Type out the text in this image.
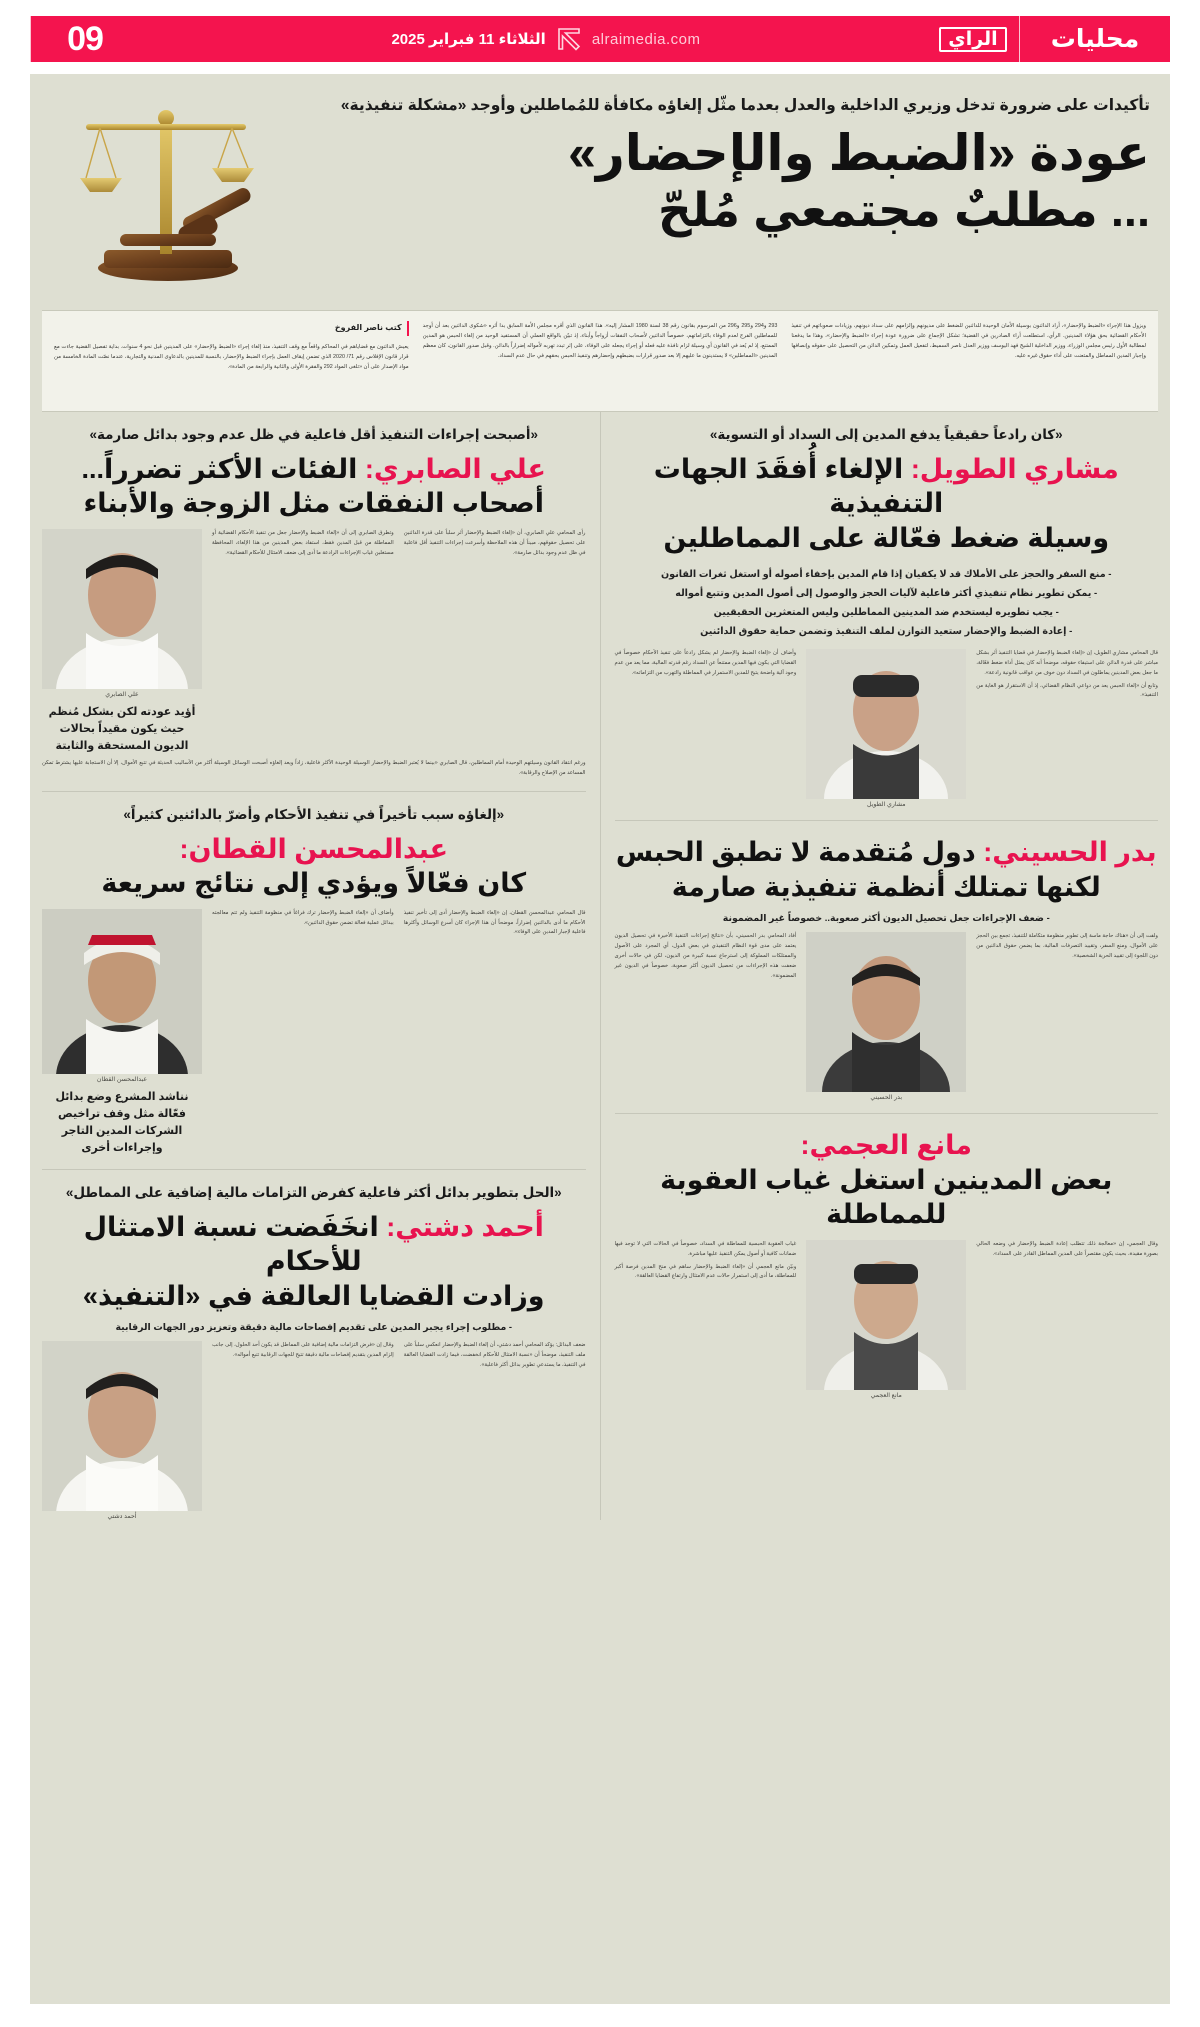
محليات
الراي
alraimedia.com
الثلاثاء 11 فبراير 2025
09
تأكيدات على ضرورة تدخل وزيري الداخلية والعدل بعدما مثّل إلغاؤه مكافأة للمُماطلين وأوجد «مشكلة تنفيذية»
عودة «الضبط والإحضار»
... مطلبٌ مجتمعي مُلحّ
ويزول هذا الإجراء «الضبط والإحضار»، أراد الدائنون بوسيلة الأمان الوحيدة للدائنين للضغط على مديونهم وإلزامهم على سداد ديونهم، وزيادات صعوباتهم في تنفيذ الأحكام القضائية بحق هؤلاء المدينين. الرأي، استطلعت أراء الصادرين في القضية؛ تشكل الإجماع على ضرورة عودة إجراء «الضبط والإحضار»، وهذا ما يدفعنا لمطالبة الأول رئيس مجلس الوزراء، ووزير الداخلية الشيخ فهد اليوسف ووزير العدل ناصر السميط، لتفعيل العمل وتمكين الدائن من التحصيل على حقوقه وإنصافها وإجبار المدين المماطل والمتعنت على أداء حقوق غيره عليه.
293 و294 و295 و296 من المرسوم بقانون رقم 38 لسنة 1980 المشار إليه». هذا القانون الذي أقره مجلس الأمة السابق بدا أثره «شكوى الدائنين بعد أن أوجد للمماطلين الفرج لعدم الوفاء بالتزاماتهم، خصوصاً الدائنين لأصحاب النفقات أزواجاً وأبناء، إذ تبيّن بالواقع العملي أن المستفيد الوحيد من إلغاء الحبس هو المدين الممتنع، إذ لم يُعد في القانون أي وسيلة لزام نافذة عليه فعله أو إجراء يجعله على الوفاء، على إثر تبدد تهربه لأمواله إضراراً بالدائن. وقبل صدور القانون، كان معظم المدينين «المماطلين» لا يستدينون ما عليهم إلا بعد صدور قرارات بضبطهم وإحضارهم وتنفيذ الحبس بحقهم في حال عدم السداد.
كتب ناصر الفروخ
يعيش الدائنون مع قضاياهم في المحاكم واقعاً مع وقف التنفيذ، منذ إلغاء إجراء «الضبط والإحضار» على المدينين قبل نحو 4 سنوات. بداية تفصيل القضية جاءت مع قرار قانون الإفلاس رقم 71/ 2020 الذي تضمن إيقاف العمل بإجراء الضبط والإحضار، بالنسبة للمدينين بالدعاوى المدنية والتجارية، عندما نصّت المادة الخامسة من مواد الإصدار على أن «تلغى المواد 292 والفقرة الأولى والثانية والرابعة من المادة».
«كان رادعاً حقيقياً يدفع المدين إلى السداد أو التسوية»
مشاري الطويل: الإلغاء أُفقَدَ الجهات التنفيذية
وسيلة ضغط فعّالة على المماطلين
- منع السفر والحجز على الأملاك قد لا يكفيان إذا قام المدين بإخفاء أصوله أو استغل ثغرات القانون
- يمكن تطوير نظام تنفيذي أكثر فاعلية لآليات الحجز والوصول إلى أصول المدين وتتبع أمواله
- يجب تطويره ليستخدم ضد المدينين المماطلين وليس المتعثرين الحقيقيين
- إعادة الضبط والإحضار ستعيد التوازن لملف التنفيذ وتضمن حماية حقوق الدائنين

قال المحامي مشاري الطويل، إن «إلغاء الضبط والإحضار في قضايا التنفيذ أثر بشكل مباشر على قدرة الدائن على استيفاء حقوقه، موضحاً أنه كان يمثل أداة ضغط فعّالة، ما جعل بعض المدينين يماطلون في السداد دون خوف من عواقب قانونية رادعة».

وتابع أن «إلغاء الحبس يعد من دواعي النظام القضائي، إذ أن الاستقرار هو الغاية من التنفيذ».

مشاري الطويل

وأضاف أن «إلغاء الضبط والإحضار لم يشكل رادعاً على تنفيذ الأحكام خصوصاً في القضايا التي يكون فيها المدين ممتنعاً عن السداد رغم قدرته المالية، مما يعد من عدم وجود آلية واضحة يتيح للمدين الاستمرار في المماطلة والتهرب من التزاماته».

بدر الحسيني: دول مُتقدمة لا تطبق الحبس
لكنها تمتلك أنظمة تنفيذية صارمة
- ضعف الإجراءات جعل تحصيل الديون أكثر صعوبة.. خصوصاً غير المضمونة

ولفت إلى أن «هناك حاجة ماسة إلى تطوير منظومة متكاملة للتنفيذ، تجمع بين الحجز على الأموال، ومنع السفر، وتقييد التصرفات المالية، بما يضمن حقوق الدائنين من دون اللجوء إلى تقييد الحرية الشخصية».

بدر الحسيني

أفاد المحامي بدر الحسيني، بأن «نتائج إجراءات التنفيذ الأخيرة في تحصيل الديون يعتمد على مدى قوة النظام التنفيذي في بعض الدول، أي المجرد على الأصول والممتلكات المملوكة إلى استرجاع نسبة كبيرة من الديون، لكن في حالات أخرى ضعفت هذه الإجراءات من تحصيل الديون أكثر صعوبة، خصوصاً في الديون غير المضمونة».

مانع العجمي:
بعض المدينين استغل غياب العقوبة للمماطلة

وقال العجمي، إن «معالجة ذلك تتطلب إعادة الضبط والإحضار في وضعه الحالي بصورة مقيدة، بحيث يكون مقتصراً على المدين المماطل القادر على السداد».

مانع العجمي

غياب العقوبة الحبسية للمماطلة في السداد، خصوصاً في الحالات التي لا توجد فيها ضمانات كافية أو أصول يمكن التنفيذ عليها مباشرة.

وبيّن مانع العجمي أن «إلغاء الضبط والإحضار ساهم في منح المدين فرصة أكبر للمماطلة، ما أدى إلى استمرار حالات عدم الامتثال وارتفاع القضايا العالقة».

«أصبحت إجراءات التنفيذ أقل فاعلية في ظل عدم وجود بدائل صارمة»
علي الصابري: الفئات الأكثر تضرراً...
أصحاب النفقات مثل الزوجة والأبناء

رأى المحامي علي الصابري، أن «إلغاء الضبط والإحضار أثر سلباً على قدرة الدائنين على تحصيل حقوقهم، مبيناً أن هذه الملاحظة وأسرعت إجراءات التنفيذ أقل فاعلية في ظل عدم وجود بدائل صارمة».

وتطرق الصابري إلى أن «إلغاء الضبط والإحضار جعل من تنفيذ الأحكام القضائية أو المماطلة من قبل المدين فقط، استفاد بعض المدينين من هذا الإلغاء، المحافظة مستغلين غياب الإجراءات الرادعة ما أدى إلى ضعف الامتثال للأحكام القضائية».

علي الصابري
أؤيد عودته لكن بشكل مُنظم حيث يكون مقيداً بحالات الديون المستحقة والثابتة

ورغم انتقاد القانون وسيلتهم الوحيدة أمام المماطلين، قال الصابري «بينما لا يُعتبر الضبط والإحضار الوسيلة الوحيدة الأكثر فاعلية، زاداً ويعد إلغاؤه أصبحت الوسائل الوسيلة أكثر من الأساليب الحديثة في تتبع الأموال، إلا أن الاستجابة عليها يشترط تمكن المساعد من الإصلاح والرقابة».

«إلغاؤه سبب تأخيراً في تنفيذ الأحكام وأضرّ بالدائنين كثيراً»
عبدالمحسن القطان:
كان فعّالاً ويؤدي إلى نتائج سريعة

قال المحامي عبدالمحسن القطان، إن «إلغاء الضبط والإحضار أدى إلى تأخير تنفيذ الأحكام ما أدى بالدائنين إضراراً، موضحاً أن هذا الإجراء كان أسرع الوسائل وأكثرها فاعلية لإجبار المدين على الوفاء».

وأضاف أن «إلغاء الضبط والإحضار ترك فراغاً في منظومة التنفيذ ولم تتم معالجته ببدائل عملية فعالة تضمن حقوق الدائنين».

عبدالمحسن القطان
نناشد المشرع وضع بدائل فعّالة مثل وقف تراخيص الشركات المدين التاجر وإجراءات أخرى
«الحل بتطوير بدائل أكثر فاعلية كفرض التزامات مالية إضافية على المماطل»
أحمد دشتي: انخَفَضت نسبة الامتثال للأحكام
وزادت القضايا العالقة في «التنفيذ»
- مطلوب إجراء يجبر المدين على تقديم إفصاحات مالية دقيقة وتعزيز دور الجهات الرقابية

ضعف البدائل: يؤكد المحامي أحمد دشتي، أن إلغاء الضبط والإحضار انعكس سلباً على ملف التنفيذ، موضحاً أن «نسبة الامتثال للأحكام انخفضت، فيما زادت القضايا العالقة في التنفيذ، ما يستدعي تطوير بدائل أكثر فاعلية».

وقال إن «فرض التزامات مالية إضافية على المماطل قد يكون أحد الحلول، إلى جانب إلزام المدين بتقديم إفصاحات مالية دقيقة تتيح للجهات الرقابية تتبع أمواله».

أحمد دشتي
